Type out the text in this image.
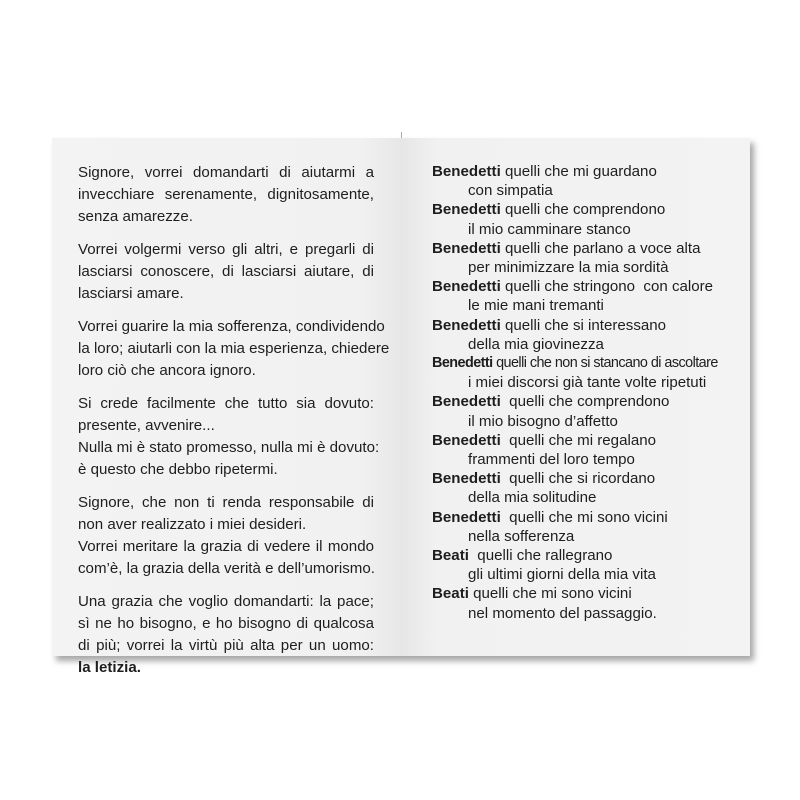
Signore, vorrei domandarti di aiutarmi a
invecchiare serenamente, dignitosamente,
senza amarezze.

Vorrei volgermi verso gli altri, e pregarli di
lasciarsi conoscere, di lasciarsi aiutare, di
lasciarsi amare.

Vorrei guarire la mia sofferenza, condividendo
la loro; aiutarli con la mia esperienza, chiedere
loro ciò che ancora ignoro.

Si crede facilmente che tutto sia dovuto:
presente, avvenire...
Nulla mi è stato promesso, nulla mi è dovuto:
è questo che debbo ripetermi.

Signore, che non ti renda responsabile di
non aver realizzato i miei desideri.
Vorrei meritare la grazia di vedere il mondo
com’è, la grazia della verità e dell’umorismo.

Una grazia che voglio domandarti: la pace;
sì ne ho bisogno, e ho bisogno di qualcosa
di più; vorrei la virtù più alta per un uomo:
la letizia.

Benedetti quelli che mi guardano
con simpatia

Benedetti quelli che comprendono
il mio camminare stanco

Benedetti quelli che parlano a voce alta
per minimizzare la mia sordità

Benedetti quelli che stringono  con calore
le mie mani tremanti

Benedetti quelli che si interessano
della mia giovinezza

Benedetti quelli che non si stancano di ascoltare
i miei discorsi già tante volte ripetuti

Benedetti  quelli che comprendono
il mio bisogno d’affetto

Benedetti  quelli che mi regalano
frammenti del loro tempo

Benedetti  quelli che si ricordano
della mia solitudine

Benedetti  quelli che mi sono vicini
nella sofferenza

Beati  quelli che rallegrano
gli ultimi giorni della mia vita

Beati quelli che mi sono vicini
nel momento del passaggio.
